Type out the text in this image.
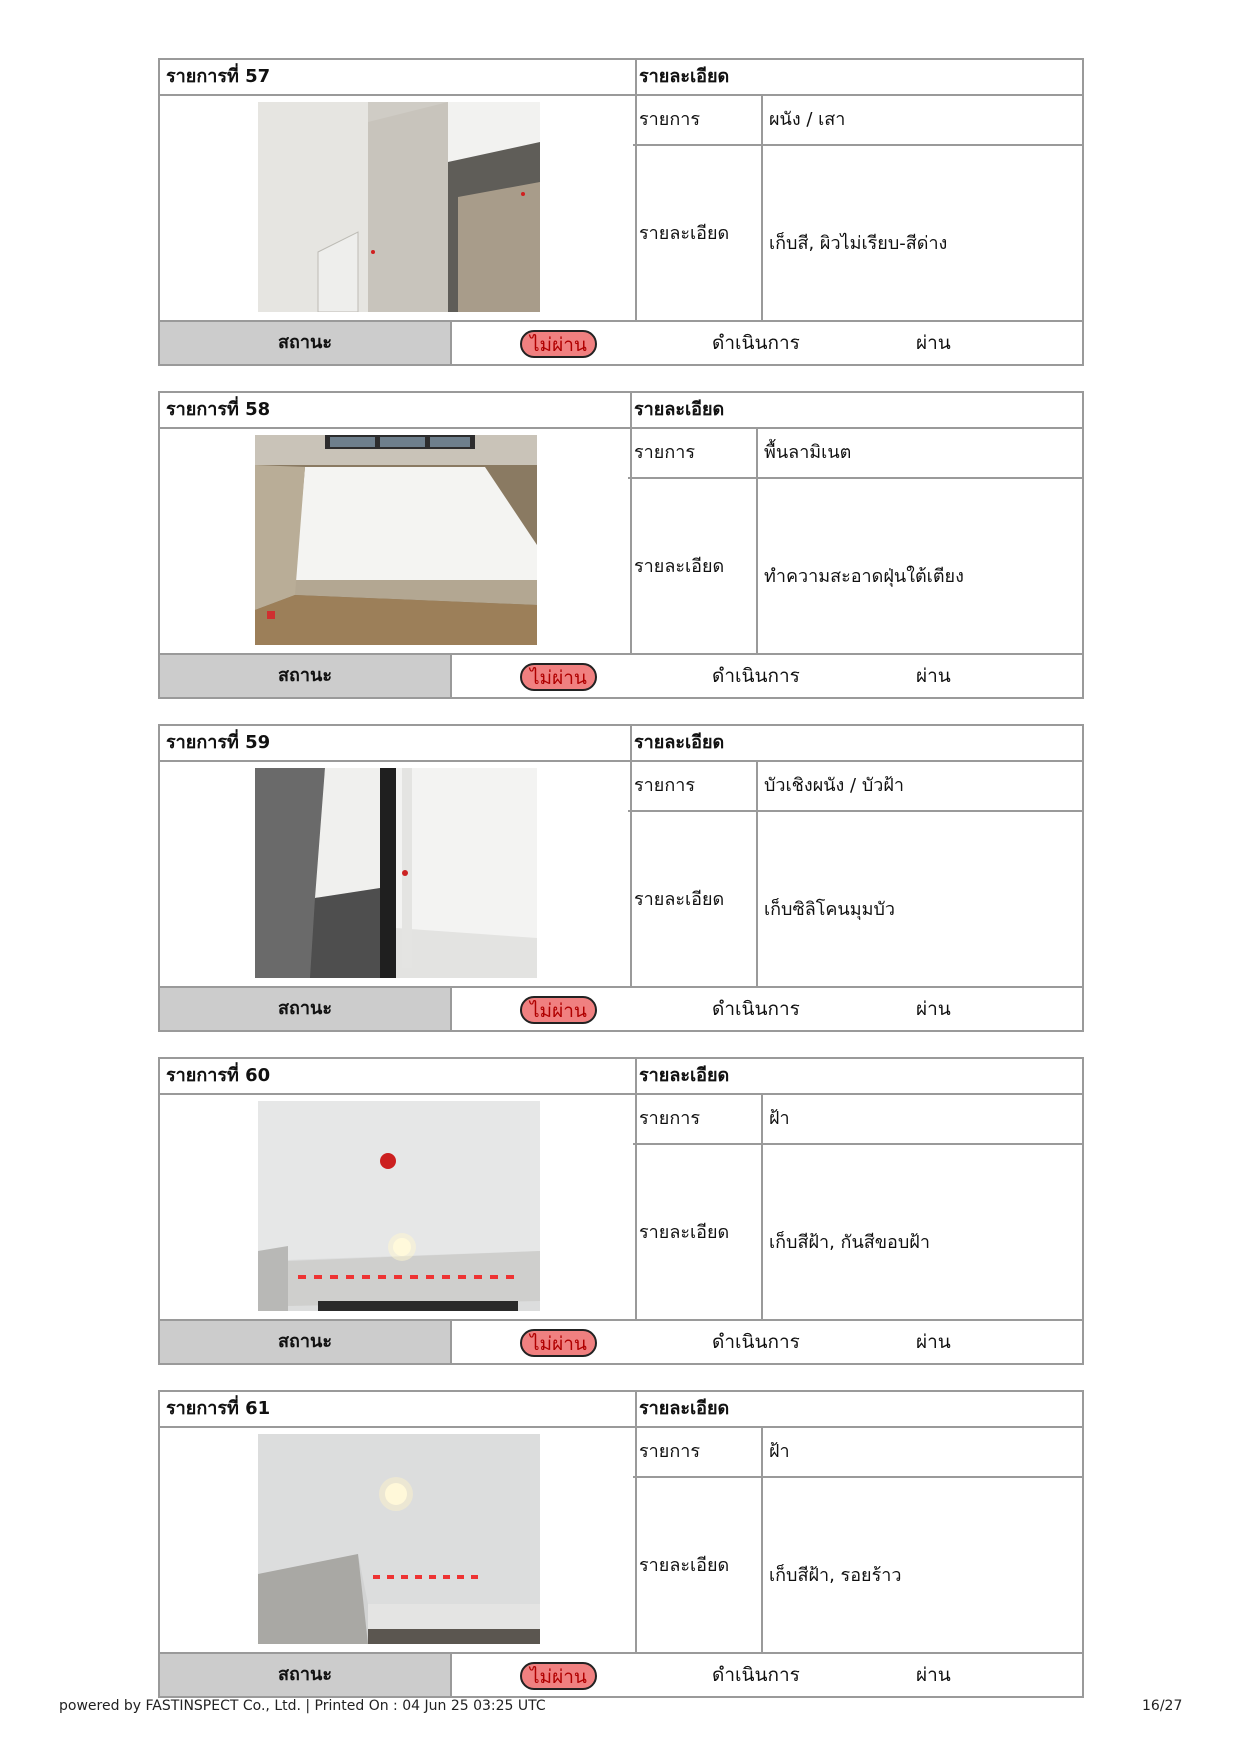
รายการที่ 57	รายละเอียด
รายการ	ผนัง / เสา
รายละเอียด	เก็บสี, ผิวไม่เรียบ-สีด่าง
สถานะ	ไม่ผ่าน	ดำเนินการ	ผ่าน
รายการที่ 58	รายละเอียด
รายการ	พื้นลามิเนต
รายละเอียด	ทำความสะอาดฝุ่นใต้เตียง
สถานะ	ไม่ผ่าน	ดำเนินการ	ผ่าน
รายการที่ 59	รายละเอียด
รายการ	บัวเชิงผนัง / บัวฝ้า
รายละเอียด	เก็บซิลิโคนมุมบัว
สถานะ	ไม่ผ่าน	ดำเนินการ	ผ่าน
รายการที่ 60	รายละเอียด
รายการ	ฝ้า
รายละเอียด	เก็บสีฝ้า, กันสีขอบฝ้า
สถานะ	ไม่ผ่าน	ดำเนินการ	ผ่าน
รายการที่ 61	รายละเอียด
รายการ	ฝ้า
รายละเอียด	เก็บสีฝ้า, รอยร้าว
สถานะ	ไม่ผ่าน	ดำเนินการ	ผ่าน
powered by FASTINSPECT Co., Ltd. | Printed On : 04 Jun 25 03:25 UTC	16/27
